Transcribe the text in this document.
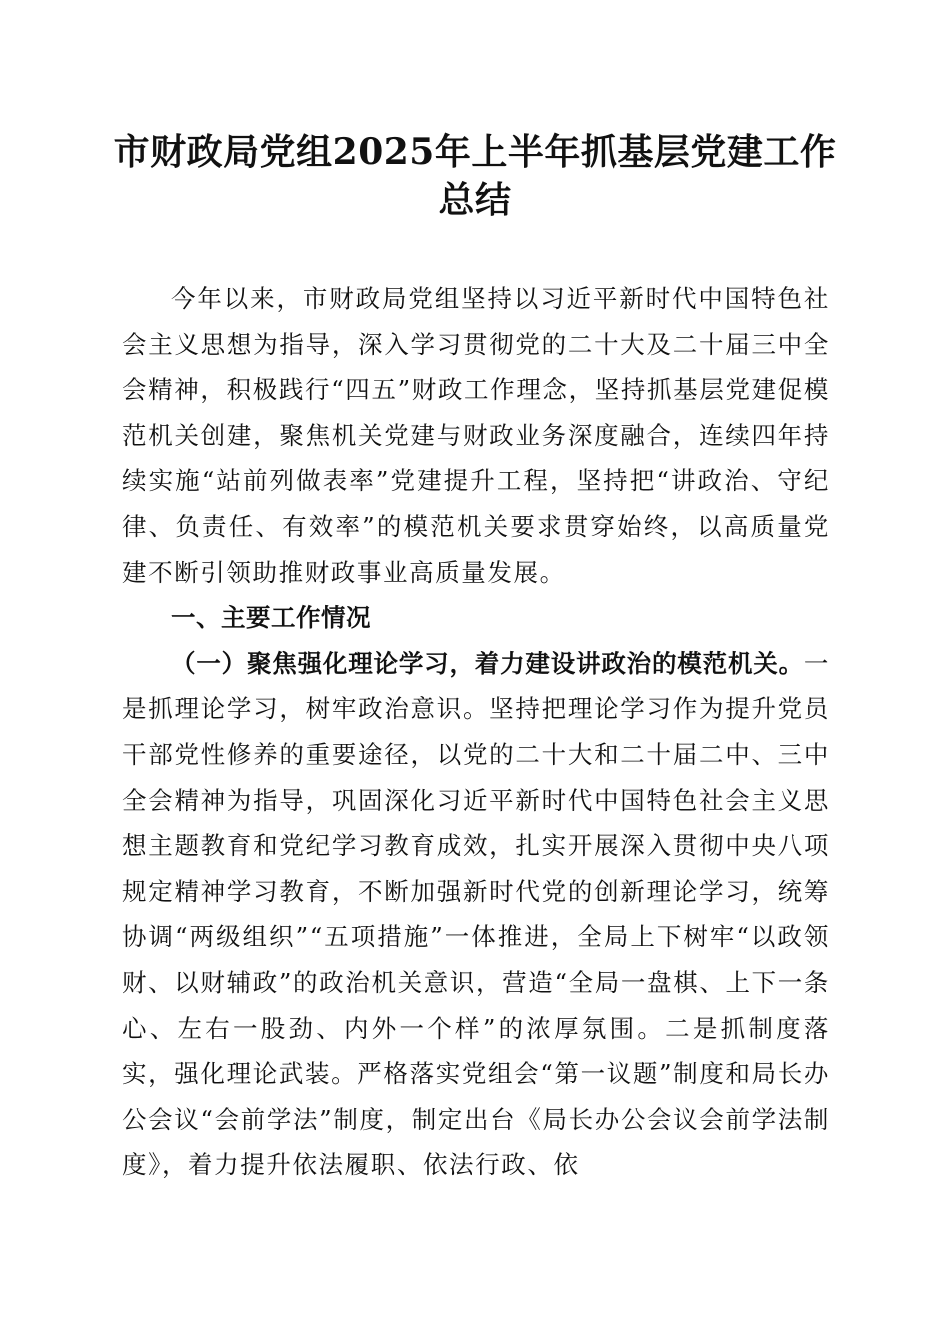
市财政局党组2025年上半年抓基层党建工作
总结

今年以来，市财政局党组坚持以习近平新时代中国特色社会主义思想为指导，深入学习贯彻党的二十大及二十届三中全会精神，积极践行“四五”财政工作理念，坚持抓基层党建促模范机关创建，聚焦机关党建与财政业务深度融合，连续四年持续实施“站前列做表率”党建提升工程，坚持把“讲政治、守纪律、负责任、有效率”的模范机关要求贯穿始终，以高质量党建不断引领助推财政事业高质量发展。

一、主要工作情况

（一）聚焦强化理论学习，着力建设讲政治的模范机关。一是抓理论学习，树牢政治意识。坚持把理论学习作为提升党员干部党性修养的重要途径，以党的二十大和二十届二中、三中全会精神为指导，巩固深化习近平新时代中国特色社会主义思想主题教育和党纪学习教育成效，扎实开展深入贯彻中央八项规定精神学习教育，不断加强新时代党的创新理论学习，统筹协调“两级组织”“五项措施”一体推进，全局上下树牢“以政领财、以财辅政”的政治机关意识，营造“全局一盘棋、上下一条心、左右一股劲、内外一个样”的浓厚氛围。二是抓制度落实，强化理论武装。严格落实党组会“第一议题”制度和局长办公会议“会前学法”制度，制定出台《局长办公会议会前学法制度》，着力提升依法履职、依法行政、依
